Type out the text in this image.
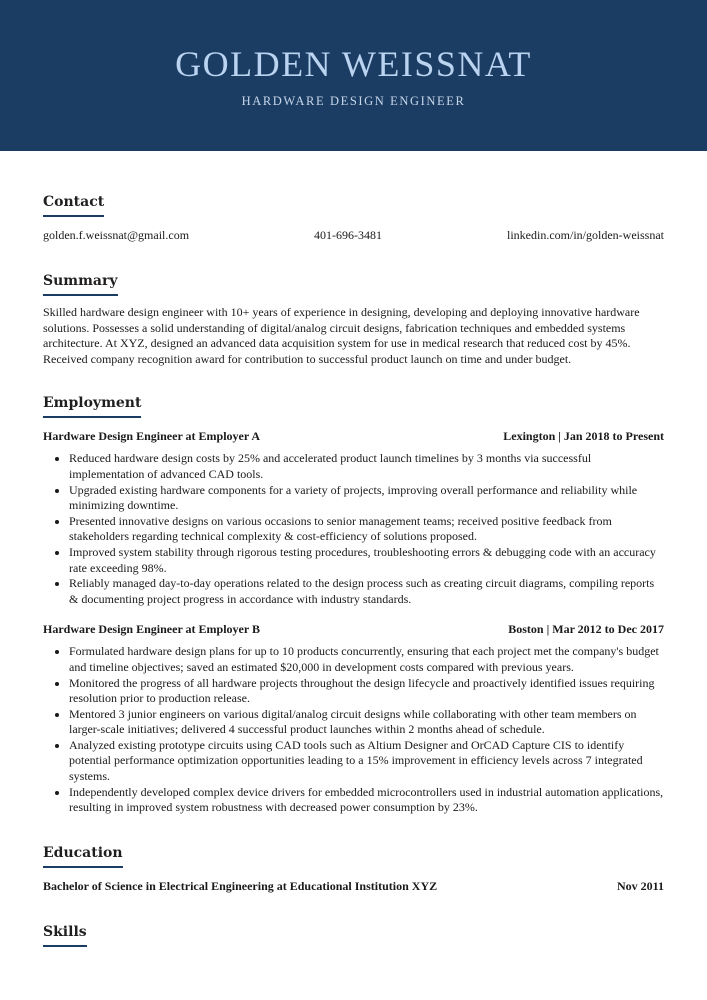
GOLDEN WEISSNAT
HARDWARE DESIGN ENGINEER
Contact
golden.f.weissnat@gmail.com	401-696-3481	linkedin.com/in/golden-weissnat
Summary
Skilled hardware design engineer with 10+ years of experience in designing, developing and deploying innovative hardware solutions. Possesses a solid understanding of digital/analog circuit designs, fabrication techniques and embedded systems architecture. At XYZ, designed an advanced data acquisition system for use in medical research that reduced cost by 45%. Received company recognition award for contribution to successful product launch on time and under budget.
Employment
Hardware Design Engineer at Employer A	Lexington | Jan 2018 to Present
• Reduced hardware design costs by 25% and accelerated product launch timelines by 3 months via successful implementation of advanced CAD tools.
• Upgraded existing hardware components for a variety of projects, improving overall performance and reliability while minimizing downtime.
• Presented innovative designs on various occasions to senior management teams; received positive feedback from stakeholders regarding technical complexity & cost-efficiency of solutions proposed.
• Improved system stability through rigorous testing procedures, troubleshooting errors & debugging code with an accuracy rate exceeding 98%.
• Reliably managed day-to-day operations related to the design process such as creating circuit diagrams, compiling reports & documenting project progress in accordance with industry standards.
Hardware Design Engineer at Employer B	Boston | Mar 2012 to Dec 2017
• Formulated hardware design plans for up to 10 products concurrently, ensuring that each project met the company's budget and timeline objectives; saved an estimated $20,000 in development costs compared with previous years.
• Monitored the progress of all hardware projects throughout the design lifecycle and proactively identified issues requiring resolution prior to production release.
• Mentored 3 junior engineers on various digital/analog circuit designs while collaborating with other team members on larger-scale initiatives; delivered 4 successful product launches within 2 months ahead of schedule.
• Analyzed existing prototype circuits using CAD tools such as Altium Designer and OrCAD Capture CIS to identify potential performance optimization opportunities leading to a 15% improvement in efficiency levels across 7 integrated systems.
• Independently developed complex device drivers for embedded microcontrollers used in industrial automation applications, resulting in improved system robustness with decreased power consumption by 23%.
Education
Bachelor of Science in Electrical Engineering at Educational Institution XYZ	Nov 2011
Skills
